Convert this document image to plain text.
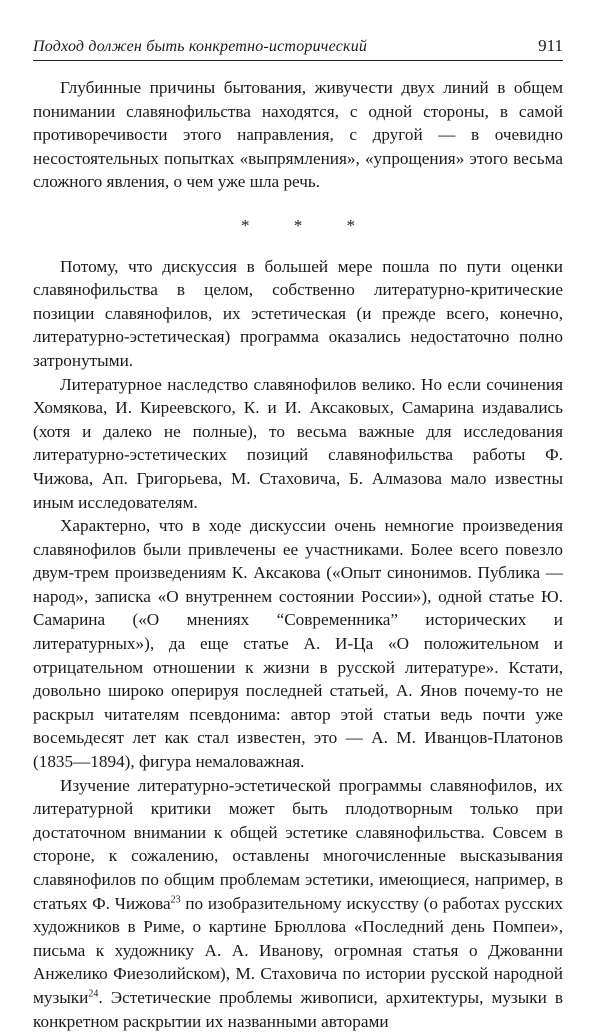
Подход должен быть конкретно-исторический	911

Глубинные причины бытования, живучести двух линий в общем понимании славянофильства находятся, с одной стороны, в самой противоречивости этого направления, с другой — в очевидно несостоятельных попытках «выпрямления», «упрощения» этого весьма сложного явления, о чем уже шла речь.

* * *

Потому, что дискуссия в большей мере пошла по пути оценки славянофильства в целом, собственно литературно-критические позиции славянофилов, их эстетическая (и прежде всего, конечно, литературно-эстетическая) программа оказались недостаточно полно затронутыми.

Литературное наследство славянофилов велико. Но если сочинения Хомякова, И. Киреевского, К. и И. Аксаковых, Самарина издавались (хотя и далеко не полные), то весьма важные для исследования литературно-эстетических позиций славянофильства работы Ф. Чижова, Ап. Григорьева, М. Стаховича, Б. Алмазова мало известны иным исследователям.

Характерно, что в ходе дискуссии очень немногие произведения славянофилов были привлечены ее участниками. Более всего повезло двум-трем произведениям К. Аксакова («Опыт синонимов. Публика — народ», записка «О внутреннем состоянии России»), одной статье Ю. Самарина («О мнениях “Современника” исторических и литературных»), да еще статье А. И-Ца «О положительном и отрицательном отношении к жизни в русской литературе». Кстати, довольно широко оперируя последней статьей, А. Янов почему-то не раскрыл читателям псевдонима: автор этой статьи ведь почти уже восемьдесят лет как стал известен, это — А. М. Иванцов-Платонов (1835—1894), фигура немаловажная.

Изучение литературно-эстетической программы славянофилов, их литературной критики может быть плодотворным только при достаточном внимании к общей эстетике славянофильства. Совсем в стороне, к сожалению, оставлены многочисленные высказывания славянофилов по общим проблемам эстетики, имеющиеся, например, в статьях Ф. Чижова$^{23}$ по изобразительному искусству (о работах русских художников в Риме, о картине Брюллова «Последний день Помпеи», письма к художнику А. А. Иванову, огромная статья о Джованни Анжелико Фиезолийском), М. Стаховича по истории русской народной музыки$^{24}$. Эстетические проблемы живописи, архитектуры, музыки в конкретном раскрытии их названными авторами
